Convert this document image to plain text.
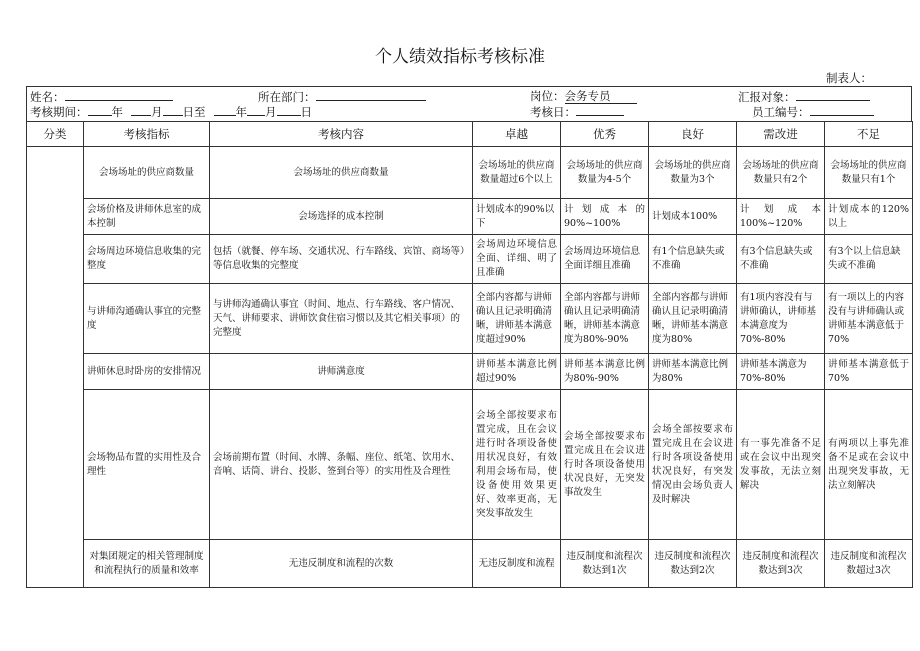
个人绩效指标考核标准
制表人：
姓名：	所在部门：	岗位：会务专员	汇报对象：
考核期间： 年 月 日至	年 月 日	考核日：	员工编号：
分类	考核指标	考核内容	卓越	优秀	良好	需改进	不足
	会场场址的供应商数量	会场场址的供应商数量	会场场址的供应商数量超过6个以上	会场场址的供应商数量为4-5个	会场场址的供应商数量为3个	会场场址的供应商数量只有2个	会场场址的供应商数量只有1个
	会场价格及讲师休息室的成本控制	会场选择的成本控制	计划成本的90%以下	计划成本的90%~100%	计划成本100%	计划成本100%~120%	计划成本的120%以上
	会场周边环境信息收集的完整度	包括（就餐、停车场、交通状况、行车路线、宾馆、商场等）等信息收集的完整度	会场周边环境信息全面、详细、明了且准确	会场周边环境信息全面详细且准确	有1个信息缺失或不准确	有3个信息缺失或不准确	有3个以上信息缺失或不准确
	与讲师沟通确认事宜的完整度	与讲师沟通确认事宜（时间、地点、行车路线、客户情况、天气、讲师要求、讲师饮食住宿习惯以及其它相关事项）的完整度	全部内容都与讲师确认且记录明确清晰，讲师基本满意度超过90%	全部内容都与讲师确认且记录明确清晰，讲师基本满意度为80%-90%	全部内容都与讲师确认且记录明确清晰，讲师基本满意度为80%	有1项内容没有与讲师确认，讲师基本满意度为70%-80%	有一项以上的内容没有与讲师确认或讲师基本满意低于70%
	讲师休息时卧房的安排情况	讲师满意度	讲师基本满意比例超过90%	讲师基本满意比例为80%-90%	讲师基本满意比例为80%	讲师基本满意为70%-80%	讲师基本满意低于70%
	会场物品布置的实用性及合理性	会场前期布置（时间、水牌、条幅、座位、纸笔、饮用水、音响、话筒、讲台、投影、签到台等）的实用性及合理性	会场全部按要求布置完成，且在会议进行时各项设备使用状况良好，有效利用会场布局，使设备使用效果更好、效率更高，无突发事故发生	会场全部按要求布置完成且在会议进行时各项设备使用状况良好，无突发事故发生	会场全部按要求布置完成且在会议进行时各项设备使用状况良好，有突发情况由会场负责人及时解决	有一事先准备不足或在会议中出现突发事故，无法立刻解决	有两项以上事先准备不足或在会议中出现突发事故，无法立刻解决
	对集团规定的相关管理制度和流程执行的质量和效率	无违反制度和流程的次数	无违反制度和流程	违反制度和流程次数达到1次	违反制度和流程次数达到2次	违反制度和流程次数达到3次	违反制度和流程次数超过3次
